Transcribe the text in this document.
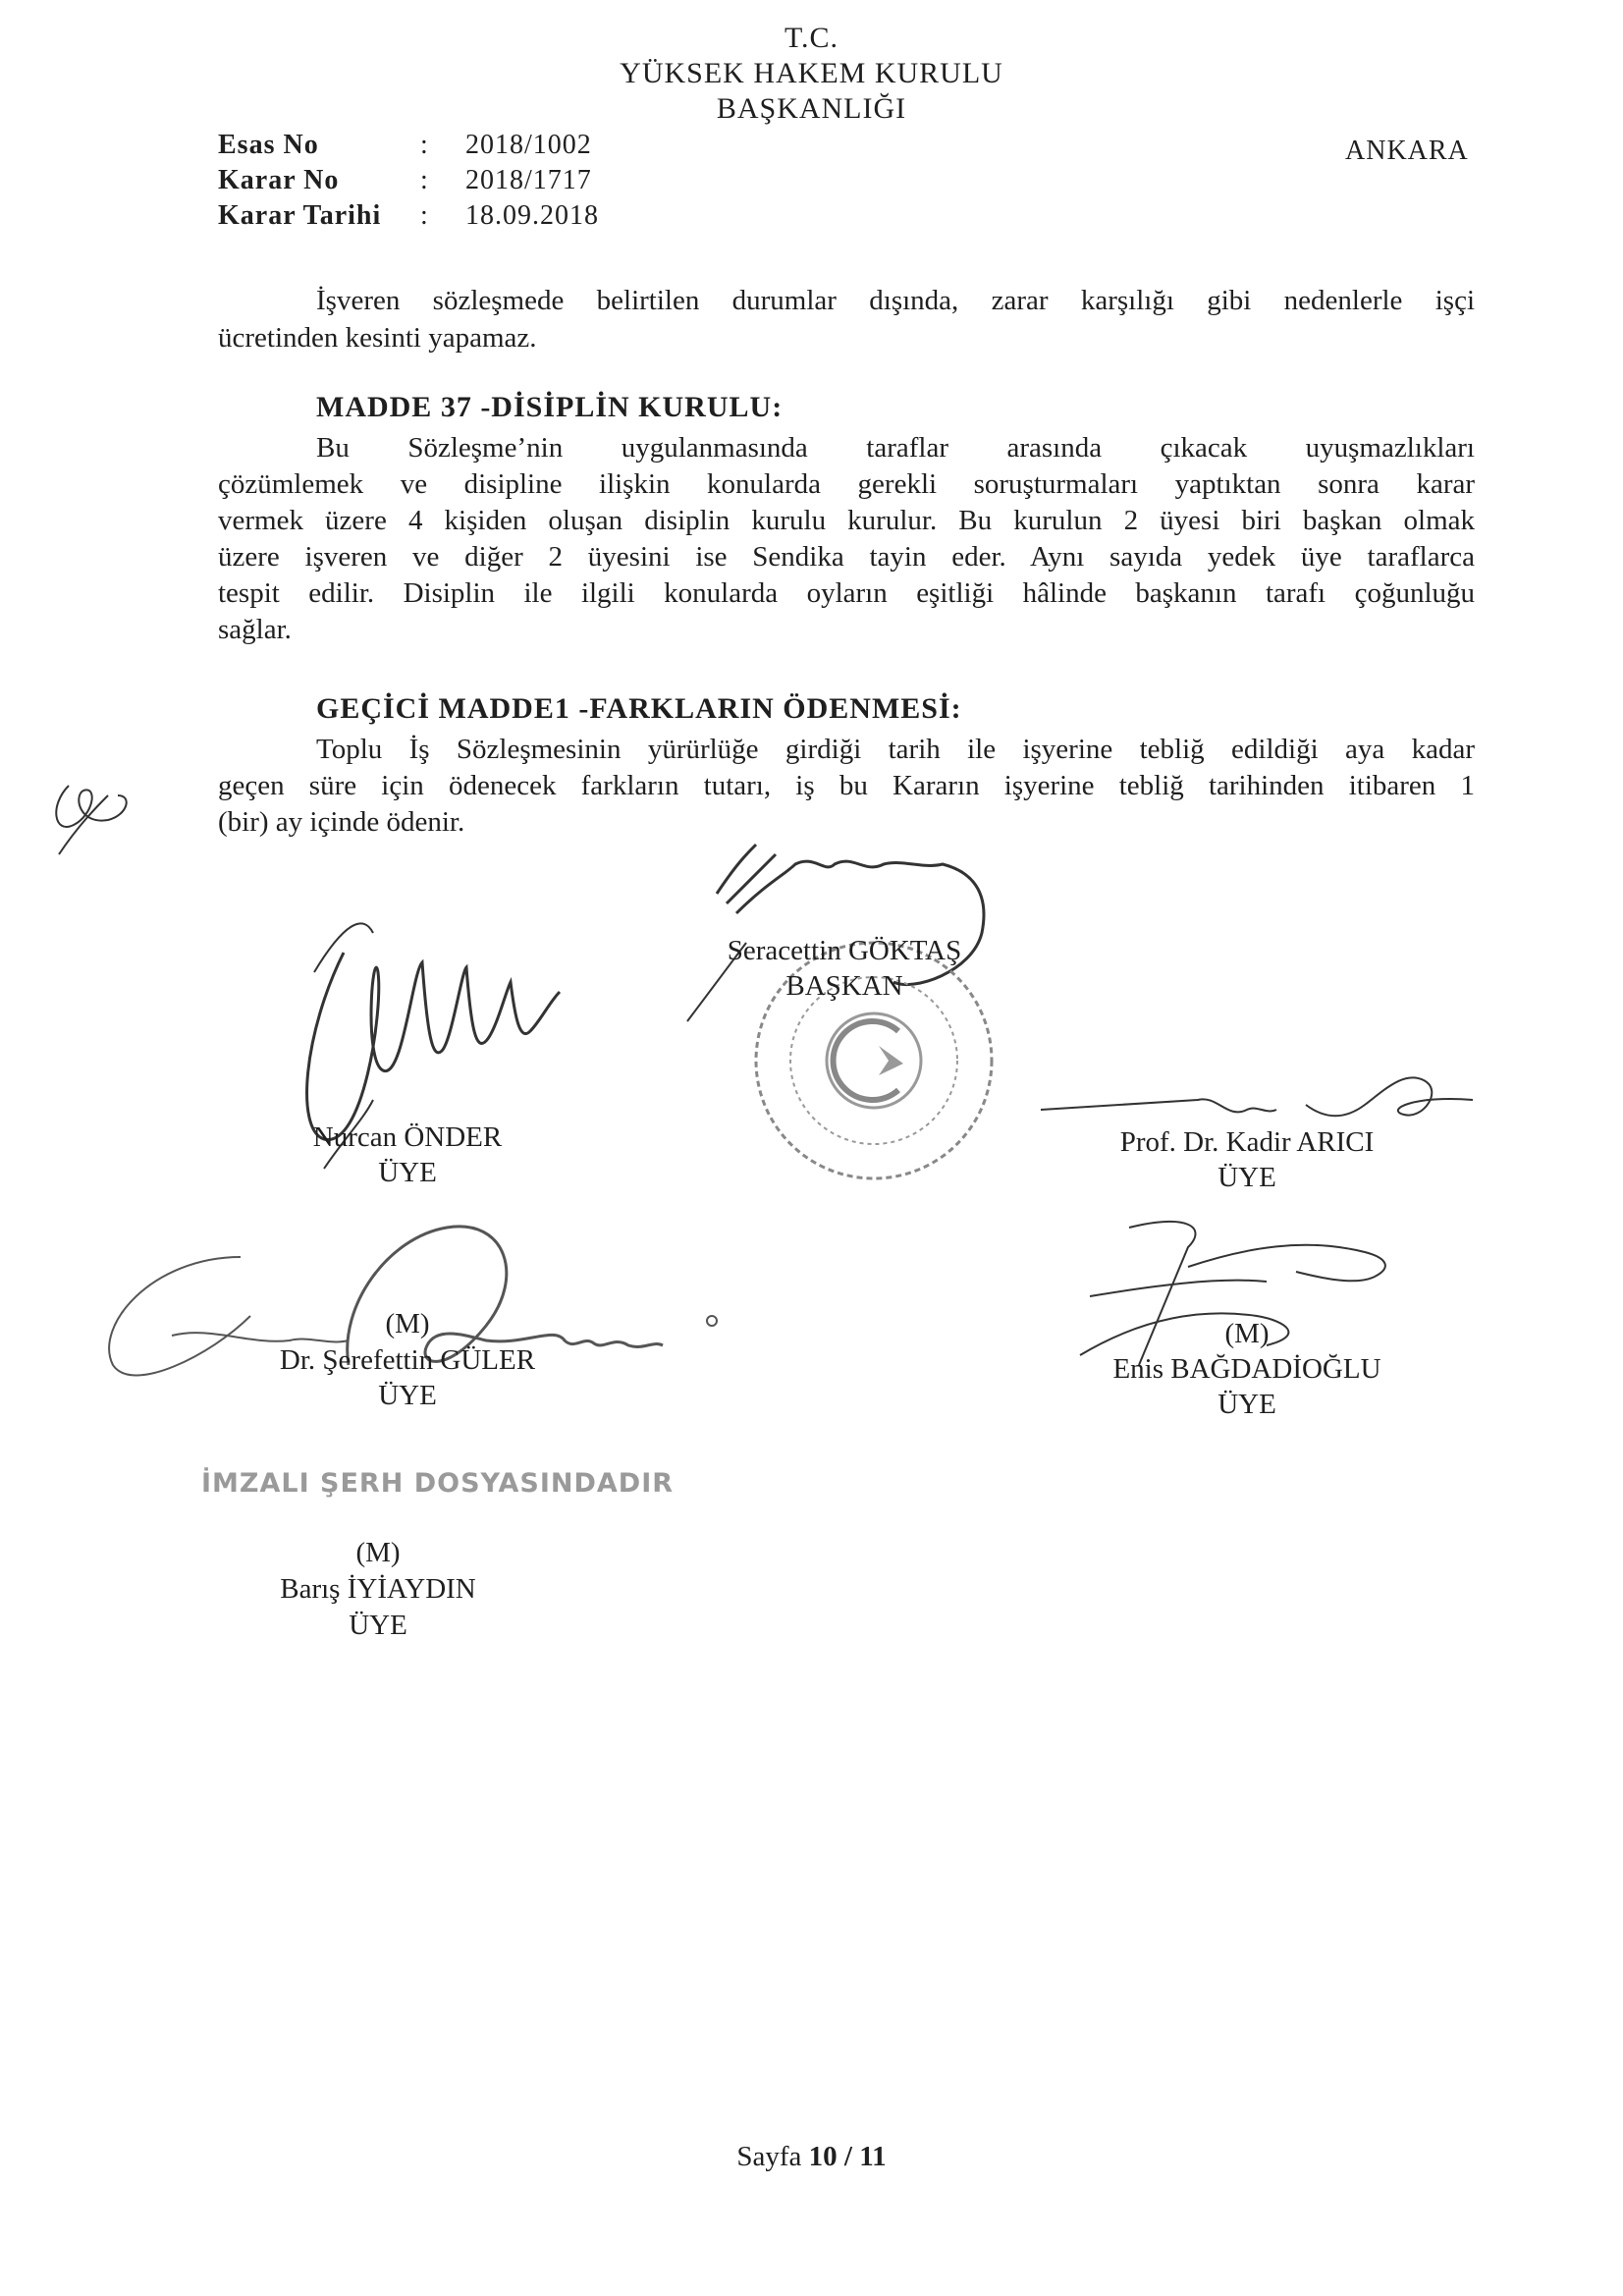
T.C.
YÜKSEK HAKEM KURULU
BAŞKANLIĞI
Esas No	:	2018/1002
Karar No	:	2018/1717
Karar Tarihi	:	18.09.2018
ANKARA
İşveren sözleşmede belirtilen durumlar dışında, zarar karşılığı gibi nedenlerle işçi
ücretinden kesinti yapamaz.
MADDE 37 -DİSİPLİN KURULU:
Bu Sözleşme’nin uygulanmasında taraflar arasında çıkacak uyuşmazlıkları
çözümlemek ve disipline ilişkin konularda gerekli soruşturmaları yaptıktan sonra karar
vermek üzere 4 kişiden oluşan disiplin kurulu kurulur. Bu kurulun 2 üyesi biri başkan olmak
üzere işveren ve diğer 2 üyesini ise Sendika tayin eder. Aynı sayıda yedek üye taraflarca
tespit edilir. Disiplin ile ilgili konularda oyların eşitliği hâlinde başkanın tarafı çoğunluğu
sağlar.
GEÇİCİ MADDE1 -FARKLARIN ÖDENMESİ:
Toplu İş Sözleşmesinin yürürlüğe girdiği tarih ile işyerine tebliğ edildiği aya kadar
geçen süre için ödenecek farkların tutarı, iş bu Kararın işyerine tebliğ tarihinden itibaren 1
(bir) ay içinde ödenir.
Seracettin GÖKTAŞ
BAŞKAN
Nurcan ÖNDER
ÜYE
Prof. Dr. Kadir ARICI
ÜYE
(M)
Dr. Şerefettin GÜLER
ÜYE
(M)
Enis BAĞDADİOĞLU
ÜYE
İMZALI ŞERH DOSYASINDADIR
(M)
Barış İYİAYDIN
ÜYE
Sayfa 10 / 11
